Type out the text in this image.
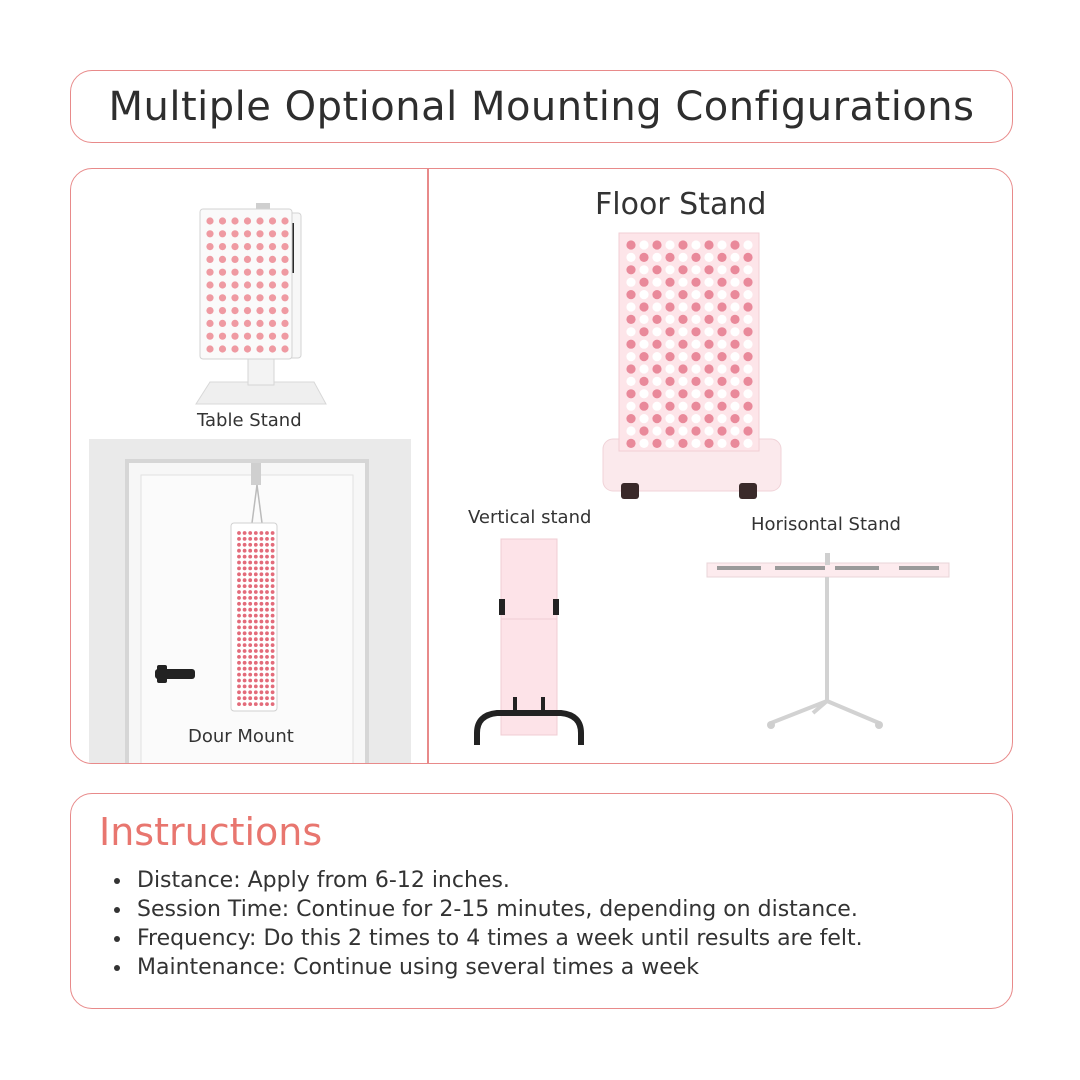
Multiple Optional Mounting Configurations
Table Stand
Dour Mount
Floor Stand
Vertical stand	Horisontal Stand
Instructions
• Distance: Apply from 6-12 inches.
• Session Time: Continue for 2-15 minutes, depending on distance.
• Frequency: Do this 2 times to 4 times a week until results are felt.
• Maintenance: Continue using several times a week
